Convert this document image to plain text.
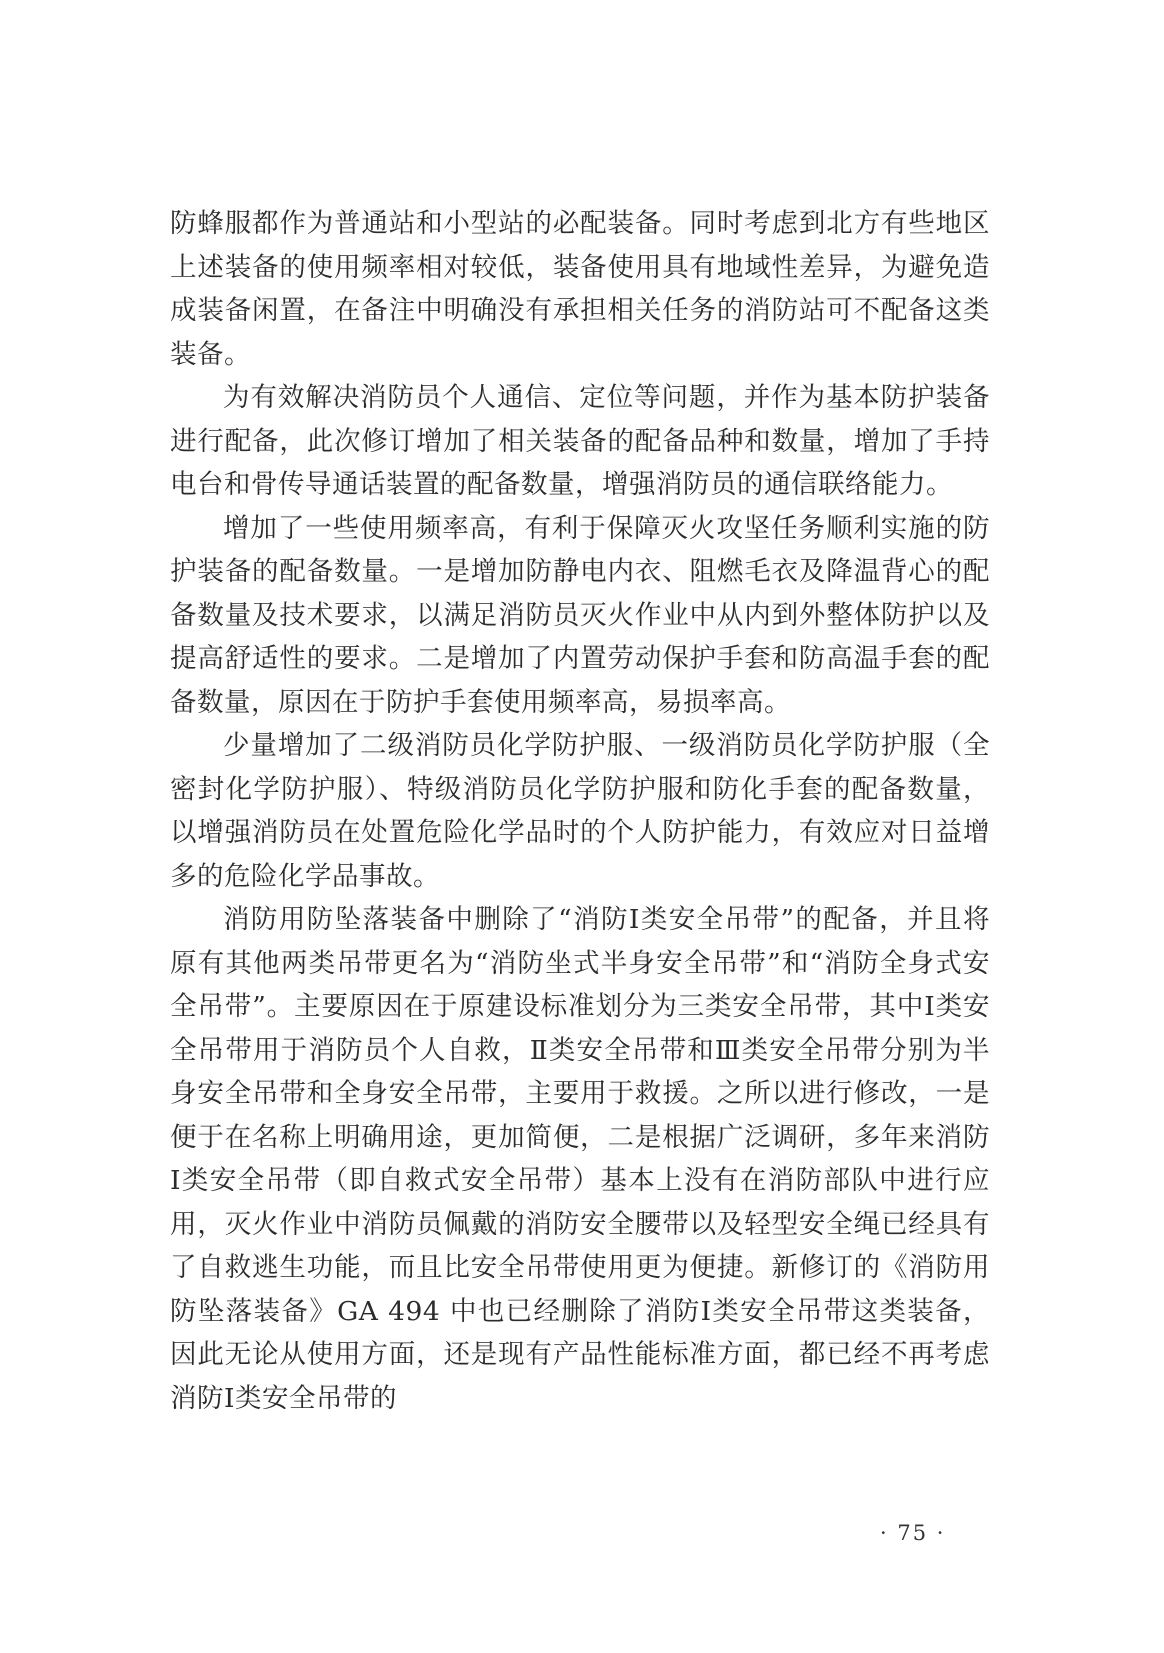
防蜂服都作为普通站和小型站的必配装备。同时考虑到北方有些地区上述装备的使用频率相对较低，装备使用具有地域性差异，为避免造成装备闲置，在备注中明确没有承担相关任务的消防站可不配备这类装备。

为有效解决消防员个人通信、定位等问题，并作为基本防护装备进行配备，此次修订增加了相关装备的配备品种和数量，增加了手持电台和骨传导通话装置的配备数量，增强消防员的通信联络能力。

增加了一些使用频率高，有利于保障灭火攻坚任务顺利实施的防护装备的配备数量。一是增加防静电内衣、阻燃毛衣及降温背心的配备数量及技术要求，以满足消防员灭火作业中从内到外整体防护以及提高舒适性的要求。二是增加了内置劳动保护手套和防高温手套的配备数量，原因在于防护手套使用频率高，易损率高。

少量增加了二级消防员化学防护服、一级消防员化学防护服（全密封化学防护服）、特级消防员化学防护服和防化手套的配备数量，以增强消防员在处置危险化学品时的个人防护能力，有效应对日益增多的危险化学品事故。

消防用防坠落装备中删除了“消防Ⅰ类安全吊带”的配备，并且将原有其他两类吊带更名为“消防坐式半身安全吊带”和“消防全身式安全吊带”。主要原因在于原建设标准划分为三类安全吊带，其中Ⅰ类安全吊带用于消防员个人自救，Ⅱ类安全吊带和Ⅲ类安全吊带分别为半身安全吊带和全身安全吊带，主要用于救援。之所以进行修改，一是便于在名称上明确用途，更加简便，二是根据广泛调研，多年来消防Ⅰ类安全吊带（即自救式安全吊带）基本上没有在消防部队中进行应用，灭火作业中消防员佩戴的消防安全腰带以及轻型安全绳已经具有了自救逃生功能，而且比安全吊带使用更为便捷。新修订的《消防用防坠落装备》GA 494 中也已经删除了消防Ⅰ类安全吊带这类装备，因此无论从使用方面，还是现有产品性能标准方面，都已经不再考虑消防Ⅰ类安全吊带的

· 75 ·
